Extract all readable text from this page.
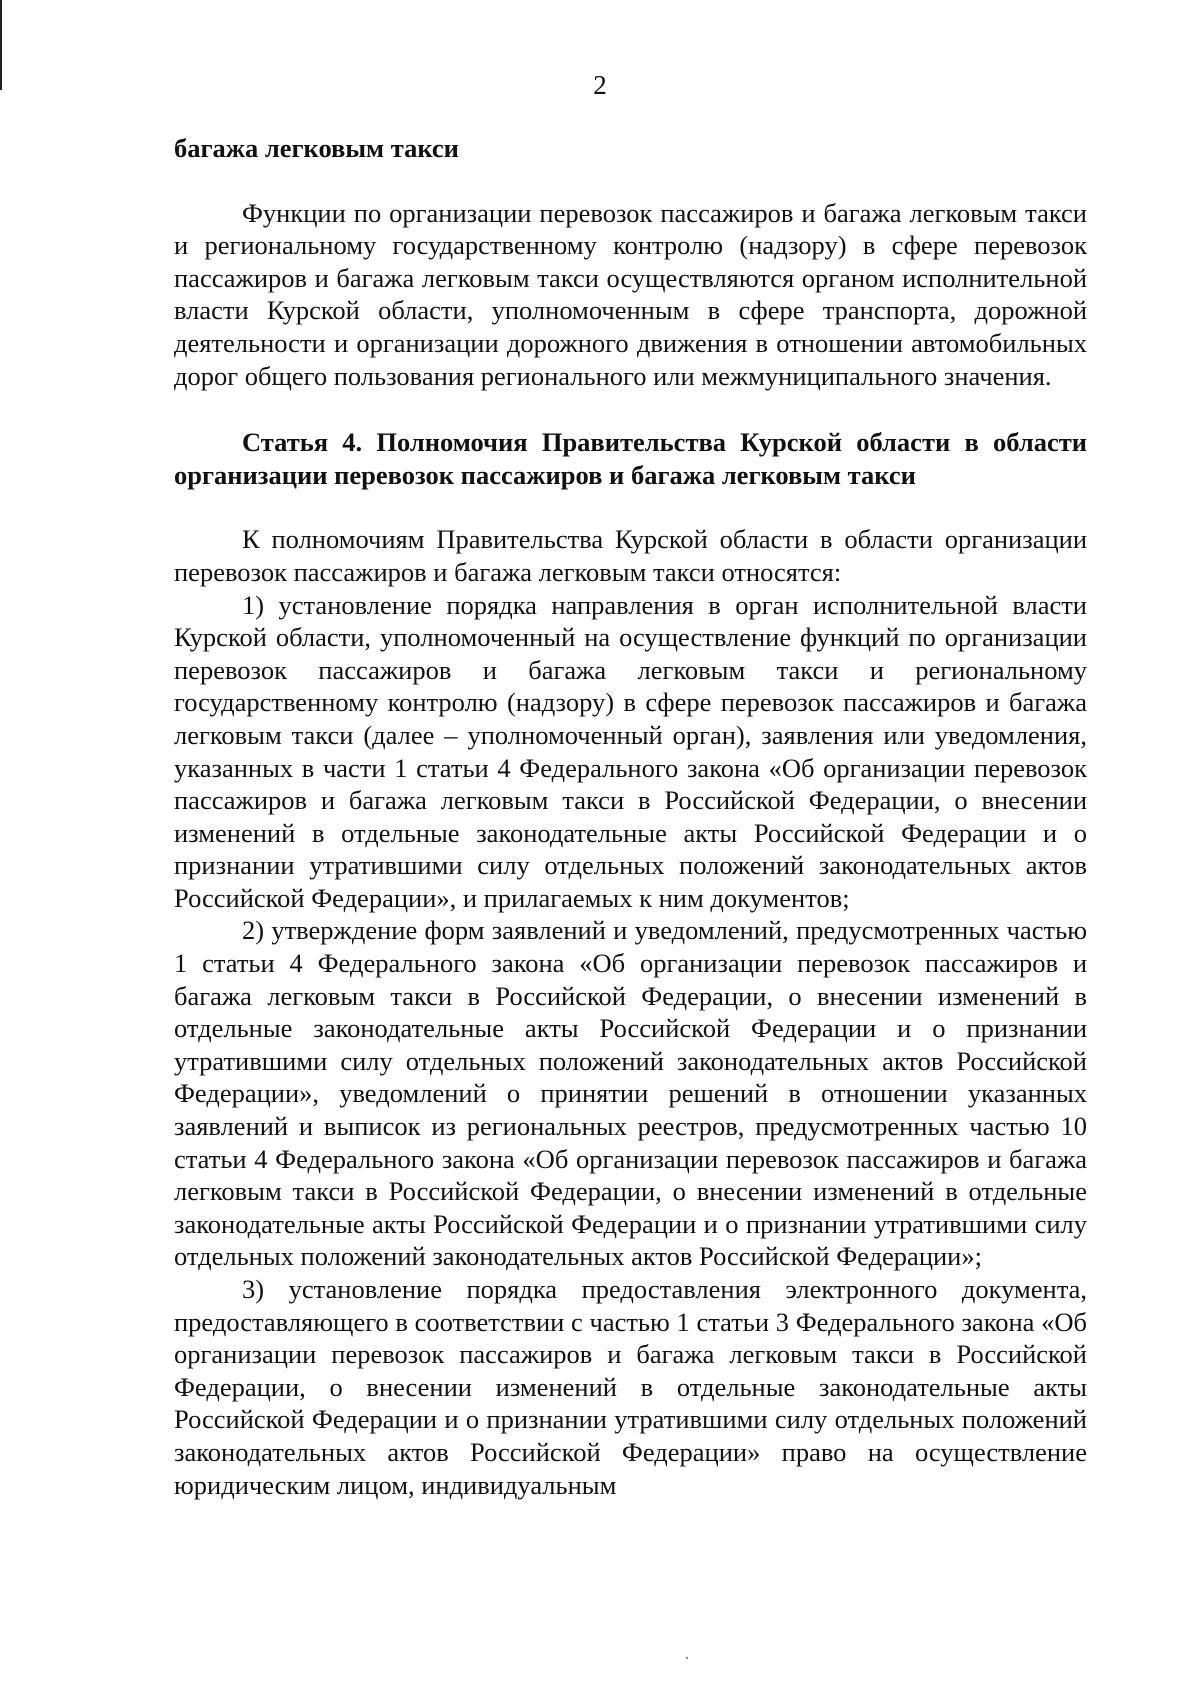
2

багажа легковым такси

Функции по организации перевозок пассажиров и багажа легковым такси и региональному государственному контролю (надзору) в сфере перевозок пассажиров и багажа легковым такси осуществляются органом исполнительной власти Курской области, уполномоченным в сфере транспорта, дорожной деятельности и организации дорожного движения в отношении автомобильных дорог общего пользования регионального или межмуниципального значения.

Статья 4. Полномочия Правительства Курской области в области организации перевозок пассажиров и багажа легковым такси

К полномочиям Правительства Курской области в области организации перевозок пассажиров и багажа легковым такси относятся:

1) установление порядка направления в орган исполнительной власти Курской области, уполномоченный на осуществление функций по организации перевозок пассажиров и багажа легковым такси и региональному государственному контролю (надзору) в сфере перевозок пассажиров и багажа легковым такси (далее – уполномоченный орган), заявления или уведомления, указанных в части 1 статьи 4 Федерального закона «Об организации перевозок пассажиров и багажа легковым такси в Российской Федерации, о внесении изменений в отдельные законодательные акты Российской Федерации и о признании утратившими силу отдельных положений законодательных актов Российской Федерации», и прилагаемых к ним документов;

2) утверждение форм заявлений и уведомлений, предусмотренных частью 1 статьи 4 Федерального закона «Об организации перевозок пассажиров и багажа легковым такси в Российской Федерации, о внесении изменений в отдельные законодательные акты Российской Федерации и о признании утратившими силу отдельных положений законодательных актов Российской Федерации», уведомлений о принятии решений в отношении указанных заявлений и выписок из региональных реестров, предусмотренных частью 10 статьи 4 Федерального закона «Об организации перевозок пассажиров и багажа легковым такси в Российской Федерации, о внесении изменений в отдельные законодательные акты Российской Федерации и о признании утратившими силу отдельных положений законодательных актов Российской Федерации»;

3) установление порядка предоставления электронного документа, предоставляющего в соответствии с частью 1 статьи 3 Федерального закона «Об организации перевозок пассажиров и багажа легковым такси в Российской Федерации, о внесении изменений в отдельные законодательные акты Российской Федерации и о признании утратившими силу отдельных положений законодательных актов Российской Федерации» право на осуществление юридическим лицом, индивидуальным
